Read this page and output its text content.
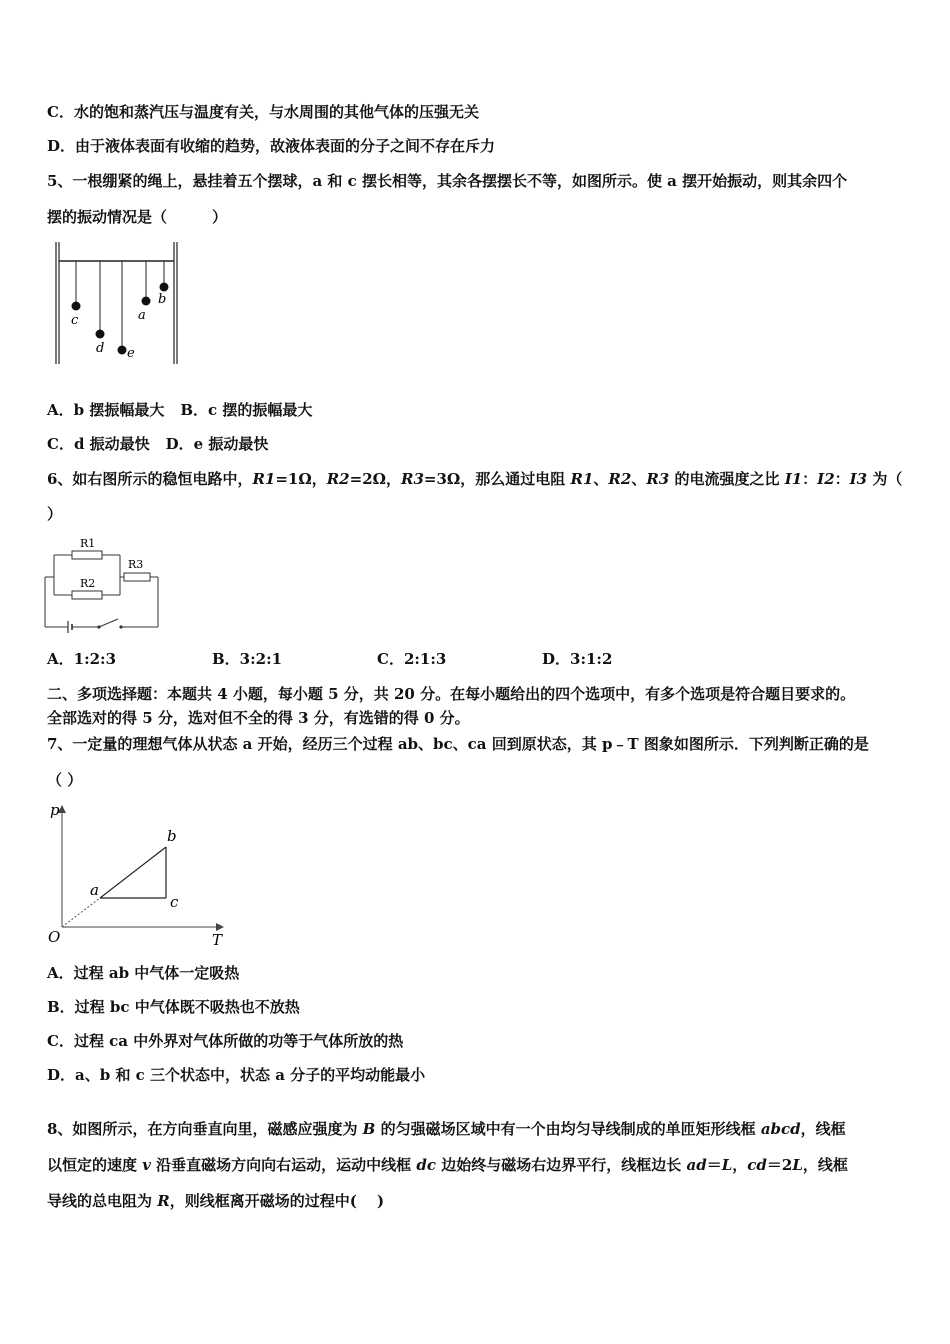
C．水的饱和蒸汽压与温度有关，与水周围的其他气体的压强无关
D．由于液体表面有收缩的趋势，故液体表面的分子之间不存在斥力
5、一根绷紧的绳上，悬挂着五个摆球，a 和 c 摆长相等，其余各摆摆长不等，如图所示。使 a 摆开始振动，则其余四个
摆的振动情况是（　　　）
c
d e
a
b
A．b 摆振幅最大 B．c 摆的振幅最大
C．d 振动最快 D．e 振动最快
6、如右图所示的稳恒电路中，R1=1Ω，R2=2Ω，R3=3Ω，那么通过电阻 R1、R2、R3 的电流强度之比 I1：I2：I3 为（
）
R1
R2
R3
A．1:2:3	B．3:2:1	C．2:1:3	D．3:1:2
二、多项选择题：本题共 4 小题，每小题 5 分，共 20 分。在每小题给出的四个选项中，有多个选项是符合题目要求的。
全部选对的得 5 分，选对但不全的得 3 分，有选错的得 0 分。
7、一定量的理想气体从状态 a 开始，经历三个过程 ab、bc、ca 回到原状态，其 p﹣T 图象如图所示．下列判断正确的是
（ ）
p
T
O
a
b
c
A．过程 ab 中气体一定吸热
B．过程 bc 中气体既不吸热也不放热
C．过程 ca 中外界对气体所做的功等于气体所放的热
D．a、b 和 c 三个状态中，状态 a 分子的平均动能最小
8、如图所示，在方向垂直向里，磁感应强度为 B 的匀强磁场区域中有一个由均匀导线制成的单匝矩形线框 abcd，线框
以恒定的速度 v 沿垂直磁场方向向右运动，运动中线框 dc 边始终与磁场右边界平行，线框边长 ad＝L，cd＝2L，线框
导线的总电阻为 R，则线框离开磁场的过程中(　 )
